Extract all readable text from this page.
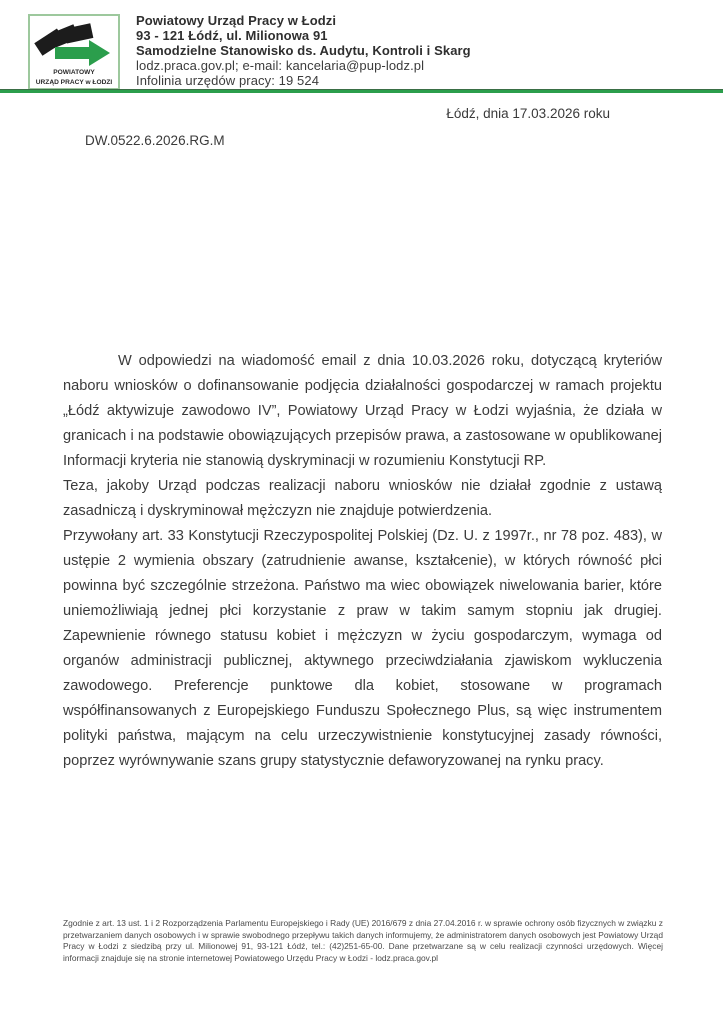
POWIATOWY
URZĄD PRACY w ŁODZI
Powiatowy Urząd Pracy w Łodzi
93 - 121 Łódź, ul. Milionowa 91
Samodzielne Stanowisko ds. Audytu, Kontroli i Skarg
lodz.praca.gov.pl; e-mail: kancelaria@pup-lodz.pl
Infolinia urzędów pracy: 19 524
Łódź, dnia 17.03.2026 roku
DW.0522.6.2026.RG.M

W odpowiedzi na wiadomość email z dnia 10.03.2026 roku, dotyczącą kryteriów naboru wniosków o dofinansowanie podjęcia działalności gospodarczej w ramach projektu „Łódź aktywizuje zawodowo IV”, Powiatowy Urząd Pracy w Łodzi wyjaśnia, że działa w granicach i na podstawie obowiązujących przepisów prawa, a zastosowane w opublikowanej Informacji kryteria nie stanowią dyskryminacji w rozumieniu Konstytucji RP.

Teza, jakoby Urząd podczas realizacji naboru wniosków nie działał zgodnie z ustawą zasadniczą i dyskryminował mężczyzn nie znajduje potwierdzenia.

Przywołany art. 33 Konstytucji Rzeczypospolitej Polskiej (Dz. U. z 1997r., nr 78 poz. 483), w ustępie 2 wymienia obszary (zatrudnienie awanse, kształcenie), w których równość płci powinna być szczególnie strzeżona. Państwo ma wiec obowiązek niwelowania barier, które uniemożliwiają jednej płci korzystanie z praw w takim samym stopniu jak drugiej. Zapewnienie równego statusu kobiet i mężczyzn w życiu gospodarczym, wymaga od organów administracji publicznej, aktywnego przeciwdziałania zjawiskom wykluczenia zawodowego. Preferencje punktowe dla kobiet, stosowane w programach współfinansowanych z Europejskiego Funduszu Społecznego Plus, są więc instrumentem polityki państwa, mającym na celu urzeczywistnienie konstytucyjnej zasady równości, poprzez wyrównywanie szans grupy statystycznie defaworyzowanej na rynku pracy.

Zgodnie z art. 13 ust. 1 i 2 Rozporządzenia Parlamentu Europejskiego i Rady (UE) 2016/679 z dnia 27.04.2016 r. w sprawie ochrony osób fizycznych w związku z przetwarzaniem danych osobowych i w sprawie swobodnego przepływu takich danych informujemy, że administratorem danych osobowych jest Powiatowy Urząd Pracy w Łodzi z siedzibą przy ul. Milionowej 91, 93-121 Łódź, tel.: (42)251-65-00. Dane przetwarzane są w celu realizacji czynności urzędowych. Więcej informacji znajduje się na stronie internetowej Powiatowego Urzędu Pracy w Łodzi - lodz.praca.gov.pl
